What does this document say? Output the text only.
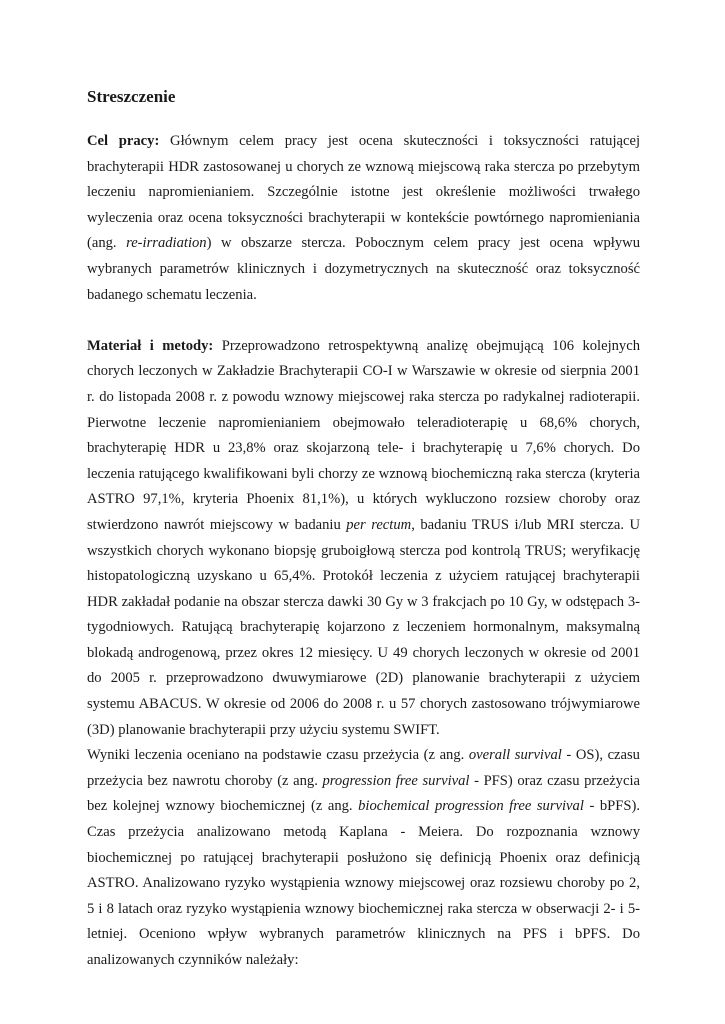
Streszczenie

Cel pracy: Głównym celem pracy jest ocena skuteczności i toksyczności ratującej brachyterapii HDR zastosowanej u chorych ze wznową miejscową raka stercza po przebytym leczeniu napromienianiem. Szczególnie istotne jest określenie możliwości trwałego wyleczenia oraz ocena toksyczności brachyterapii w kontekście powtórnego napromieniania (ang. re-irradiation) w obszarze stercza. Pobocznym celem pracy jest ocena wpływu wybranych parametrów klinicznych i dozymetrycznych na skuteczność oraz toksyczność badanego schematu leczenia.

Materiał i metody: Przeprowadzono retrospektywną analizę obejmującą 106 kolejnych chorych leczonych w Zakładzie Brachyterapii CO-I w Warszawie w okresie od sierpnia 2001 r. do listopada 2008 r. z powodu wznowy miejscowej raka stercza po radykalnej radioterapii. Pierwotne leczenie napromienianiem obejmowało teleradioterapię u 68,6% chorych, brachyterapię HDR u 23,8% oraz skojarzoną tele- i brachyterapię u 7,6% chorych. Do leczenia ratującego kwalifikowani byli chorzy ze wznową biochemiczną raka stercza (kryteria ASTRO 97,1%, kryteria Phoenix 81,1%), u których wykluczono rozsiew choroby oraz stwierdzono nawrót miejscowy w badaniu per rectum, badaniu TRUS i/lub MRI stercza. U wszystkich chorych wykonano biopsję gruboigłową stercza pod kontrolą TRUS; weryfikację histopatologiczną uzyskano u 65,4%. Protokół leczenia z użyciem ratującej brachyterapii HDR zakładał podanie na obszar stercza dawki 30 Gy w 3 frakcjach po 10 Gy, w odstępach 3-tygodniowych. Ratującą brachyterapię kojarzono z leczeniem hormonalnym, maksymalną blokadą androgenową, przez okres 12 miesięcy. U 49 chorych leczonych w okresie od 2001 do 2005 r. przeprowadzono dwuwymiarowe (2D) planowanie brachyterapii z użyciem systemu ABACUS. W okresie od 2006 do 2008 r. u 57 chorych zastosowano trójwymiarowe (3D) planowanie brachyterapii przy użyciu systemu SWIFT.

Wyniki leczenia oceniano na podstawie czasu przeżycia (z ang. overall survival - OS), czasu przeżycia bez nawrotu choroby (z ang. progression free survival - PFS) oraz czasu przeżycia bez kolejnej wznowy biochemicznej (z ang. biochemical progression free survival - bPFS). Czas przeżycia analizowano metodą Kaplana - Meiera. Do rozpoznania wznowy biochemicznej po ratującej brachyterapii posłużono się definicją Phoenix oraz definicją ASTRO. Analizowano ryzyko wystąpienia wznowy miejscowej oraz rozsiewu choroby po 2, 5 i 8 latach oraz ryzyko wystąpienia wznowy biochemicznej raka stercza w obserwacji 2- i 5-letniej. Oceniono wpływ wybranych parametrów klinicznych na PFS i bPFS. Do analizowanych czynników należały:
